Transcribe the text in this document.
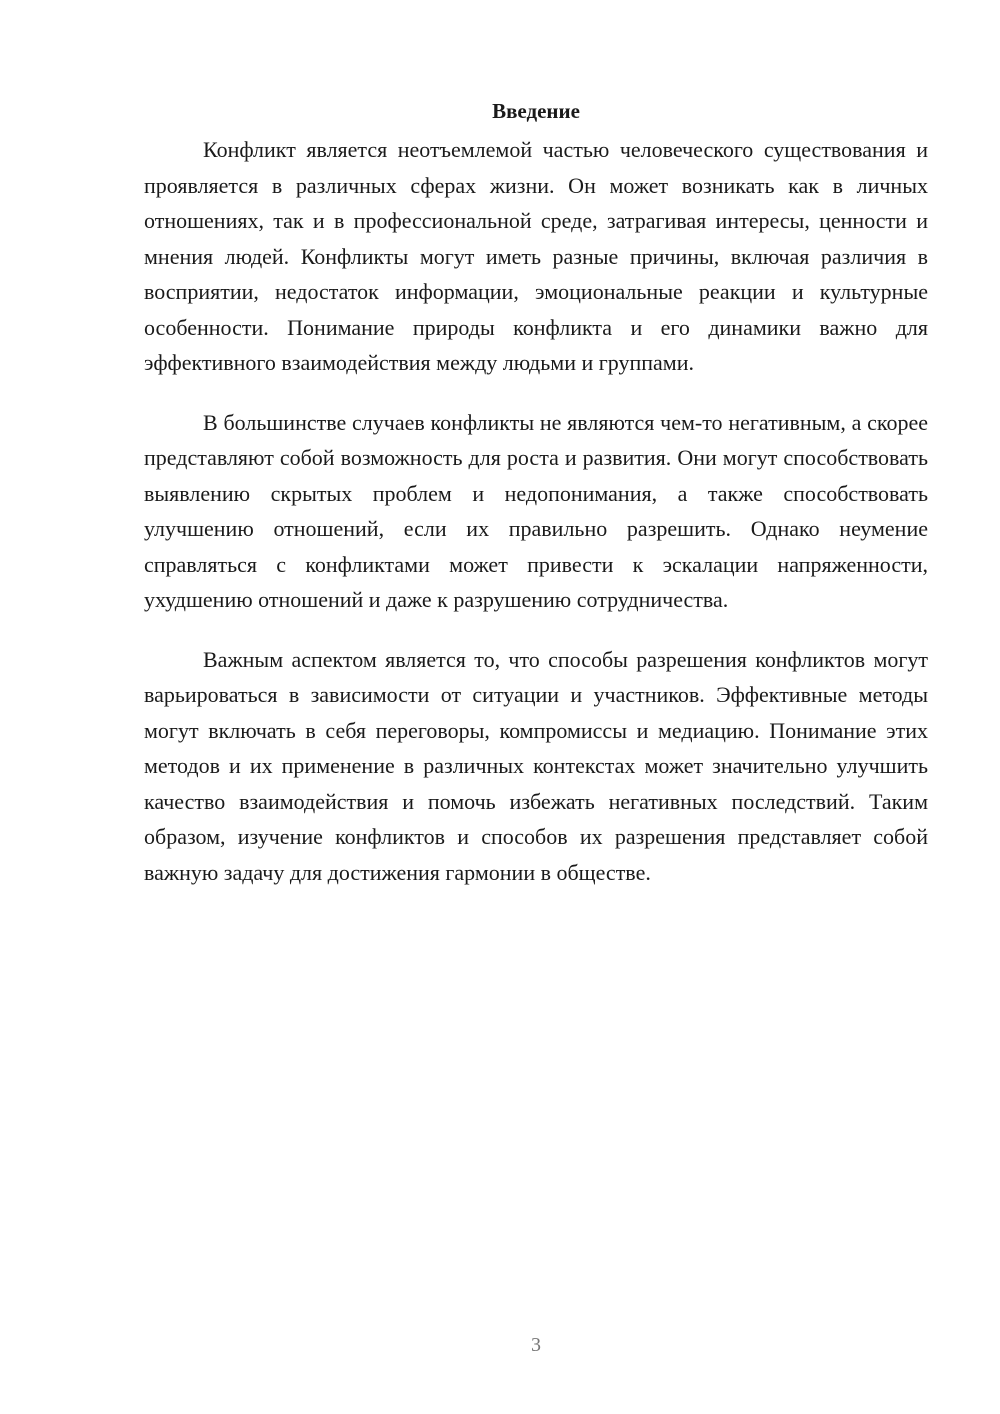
Введение

Конфликт является неотъемлемой частью человеческого существования и проявляется в различных сферах жизни. Он может возникать как в личных отношениях, так и в профессиональной среде, затрагивая интересы, ценности и мнения людей. Конфликты могут иметь разные причины, включая различия в восприятии, недостаток информации, эмоциональные реакции и культурные особенности. Понимание природы конфликта и его динамики важно для эффективного взаимодействия между людьми и группами.

В большинстве случаев конфликты не являются чем-то негативным, а скорее представляют собой возможность для роста и развития. Они могут способствовать выявлению скрытых проблем и недопонимания, а также способствовать улучшению отношений, если их правильно разрешить. Однако неумение справляться с конфликтами может привести к эскалации напряженности, ухудшению отношений и даже к разрушению сотрудничества.

Важным аспектом является то, что способы разрешения конфликтов могут варьироваться в зависимости от ситуации и участников. Эффективные методы могут включать в себя переговоры, компромиссы и медиацию. Понимание этих методов и их применение в различных контекстах может значительно улучшить качество взаимодействия и помочь избежать негативных последствий. Таким образом, изучение конфликтов и способов их разрешения представляет собой важную задачу для достижения гармонии в обществе.

3
